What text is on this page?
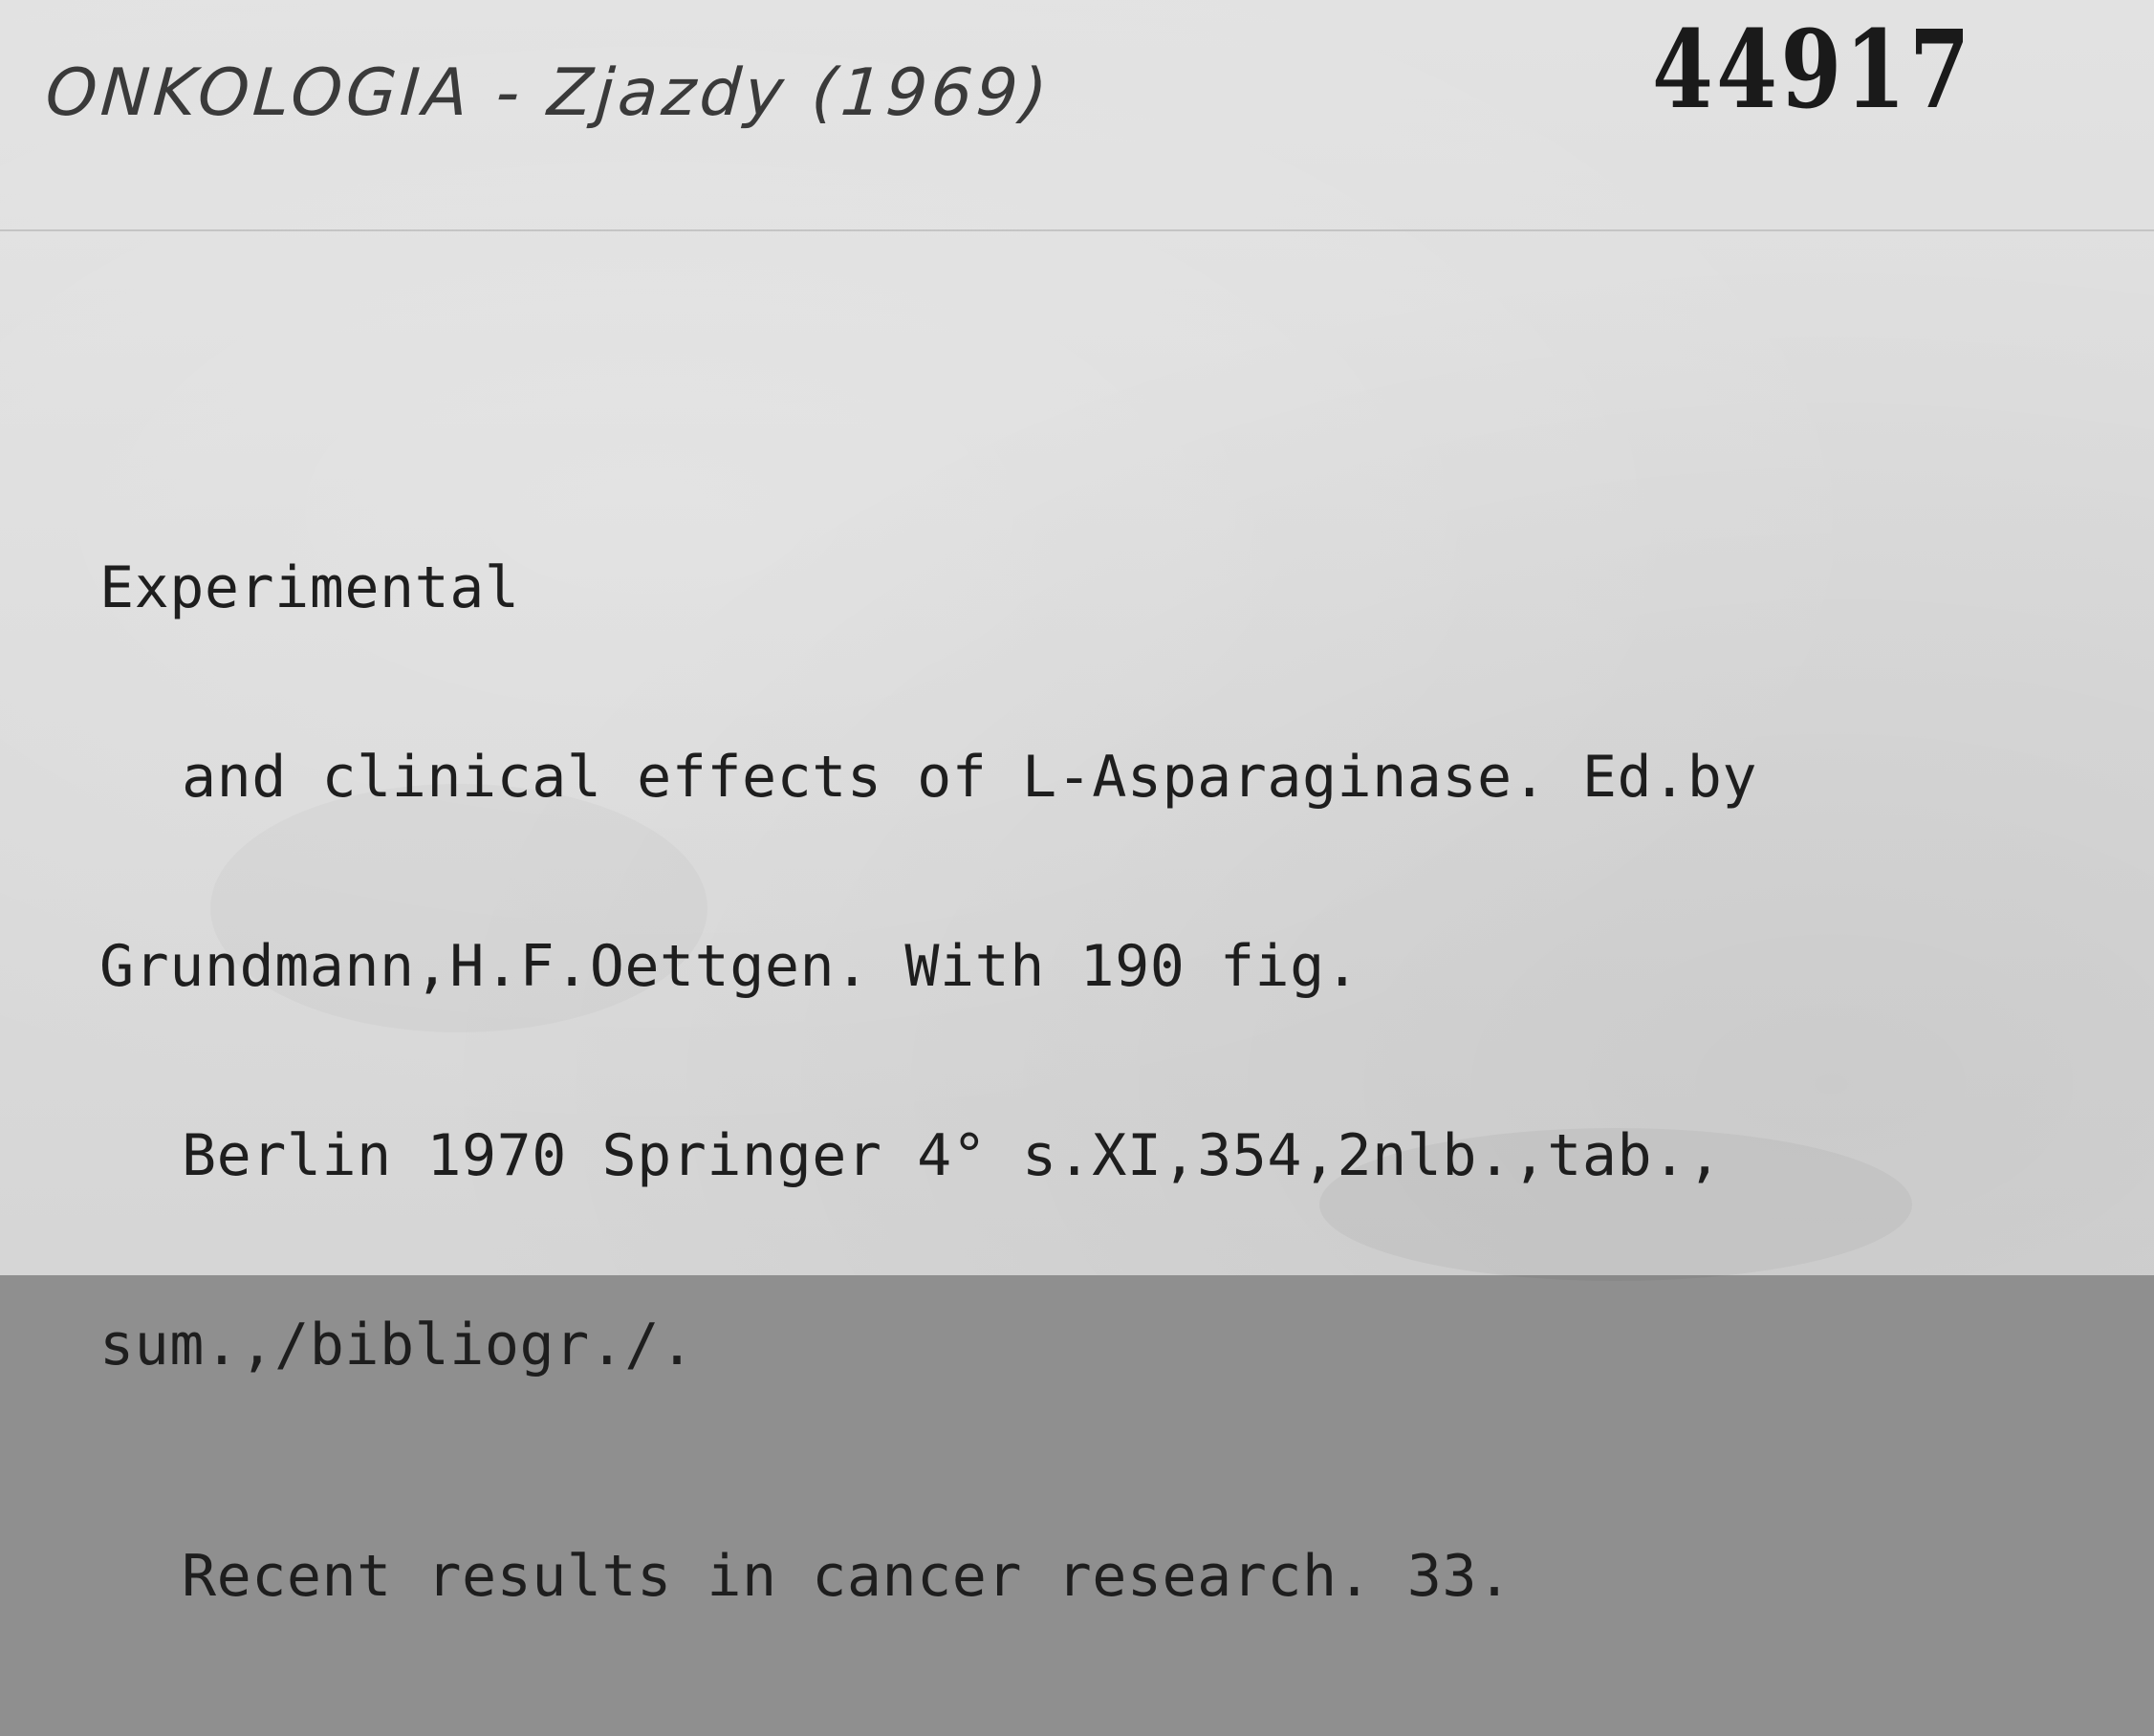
ONKOLOGIA - Zjazdy (1969)	44917

Experimental

and clinical effects of L-Asparaginase. Ed.by

Grundmann,H.F.Oettgen. With 190 fig.

Berlin 1970 Springer 4° s.XI,354,2nlb.,tab.,

sum.,/bibliogr./.

Recent results in cancer research. 33.
